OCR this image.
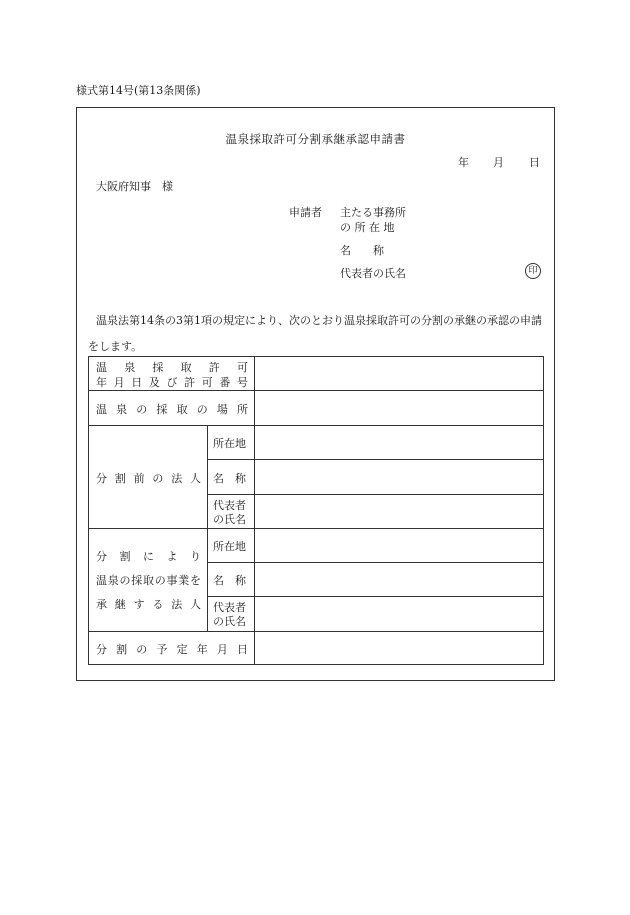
様式第14号(第13条関係)
温泉採取許可分割承継承認申請書
年 月 日
大阪府知事　様
申請者 主たる事務所
の 所 在 地
名　　称
代表者の氏名	印
温泉法第14条の3第1項の規定により、次のとおり温泉採取許可の分割の承継の承認の申請をします。
温泉採取許可
年月日及び許可番号
温泉の採取の場所
分割前の法人
所在地
名　称
代表者
の氏名
分割により
温泉の採取の事業を
承継する法人
所在地
名　称
代表者
の氏名
分割の予定年月日
